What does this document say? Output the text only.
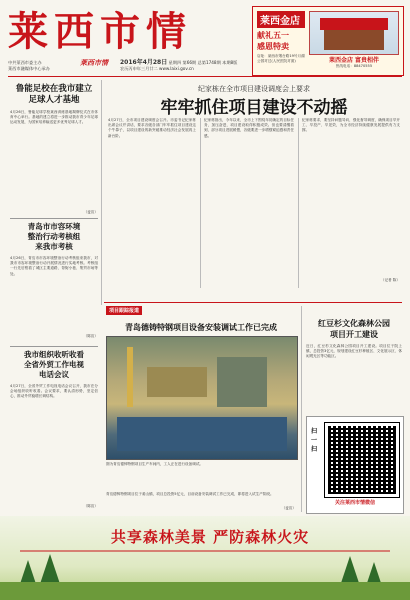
莱西市情
中共莱西市委主办
莱西市融媒体中心承办
莱西市情	2016年4月28日 星期四 第66期 总第1748期 本期8版
农历丙申年三月廿二 www.laixi.gov.cn
莱西金店
献礼五一
感恩特卖
店址：莱西市烟台路19号月湖公园对过(人民医院对面)	莱西金店 富贵相伴
热线电话：88470555
鲁能足校在我市建立
足球人才基地
4月26日，鲁能足球学校莱西训练基地揭牌仪式在市体育中心举行。基地的建立将进一步推动我市青少年足球运动发展，为国家培养输送更多优秀足球人才。
（麦宣）
青岛市市容环境
整治行动考核组
来我市考核
4月26日，青岛市市容环境整治行动考核组来我市，对我市市容环境整治行动开展情况进行实地考核。考核组一行先后察看了城区主要道路、背街小巷、集贸市场等处。
（陈宣）
我市组织收听收看
全省外贸工作电视
电话会议
4月27日，全省外贸工作电视电话会议召开，我市在分会场组织收听收看。会议要求，要认清形势，坚定信心，推动外贸稳增长调结构。
（陈宣）
纪家栋在全市项目建设调度会上要求
牢牢抓住项目建设不动摇
4月27日，全市项目建设调度会召开。市委书记纪家栋出席会议并讲话，要求各级各部门牢牢抓住项目建设这个牛鼻子，以项目建设的新突破推动经济社会发展再上新台阶。
纪家栋指出，今年以来，全市上下围绕年初确定的目标任务，加压奋进，项目建设取得积极成效。但也要清醒看到，部分项目进展缓慢，各级要进一步增强紧迫感和责任感。
纪家栋要求，要坚持问题导向，强化督导调度，确保项目早开工、早投产、早见效，为全市经济持续健康发展提供有力支撑。
（记者 陈）
项目跟踪报道
青岛德铸特钢项目设备安装调试工作已完成
图为青岛德铸特钢项目生产车间内，工人正在进行设备调试。
青岛德铸特钢项目位于姜山镇，项目总投资5亿元，目前设备安装调试工作已完成，即将进入试生产阶段。
（麦宣）
红豆杉文化森林公园
项目开工建设
近日，红豆杉文化森林公园项目开工建设。项目位于院上镇，总投资3亿元，规划建设红豆杉种植区、文化展示区、休闲观光区等功能区。
扫一扫
关注莱西市情微信
共享森林美景 严防森林火灾
